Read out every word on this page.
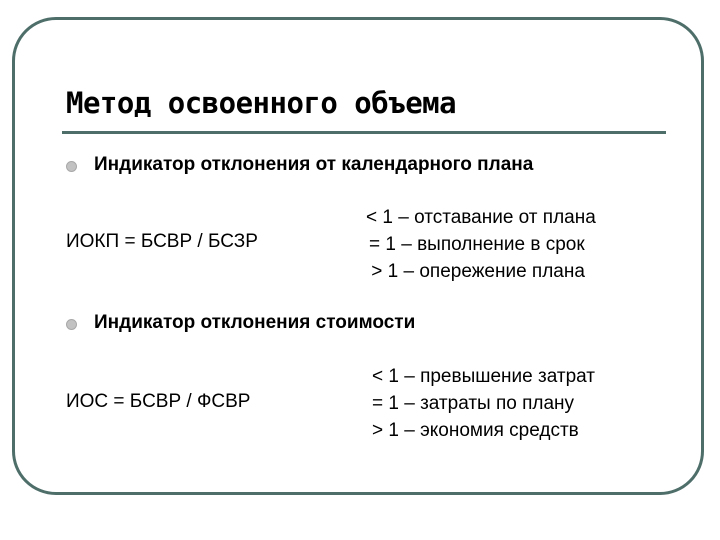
Метод освоенного объема
Индикатор отклонения от календарного плана
ИОКП = БСВР / БСЗР
< 1 – отставание от плана
= 1 – выполнение в срок
> 1 – опережение плана
Индикатор отклонения стоимости
ИОС = БСВР / ФСВР
< 1 – превышение затрат
= 1 – затраты по плану
> 1 – экономия средств
